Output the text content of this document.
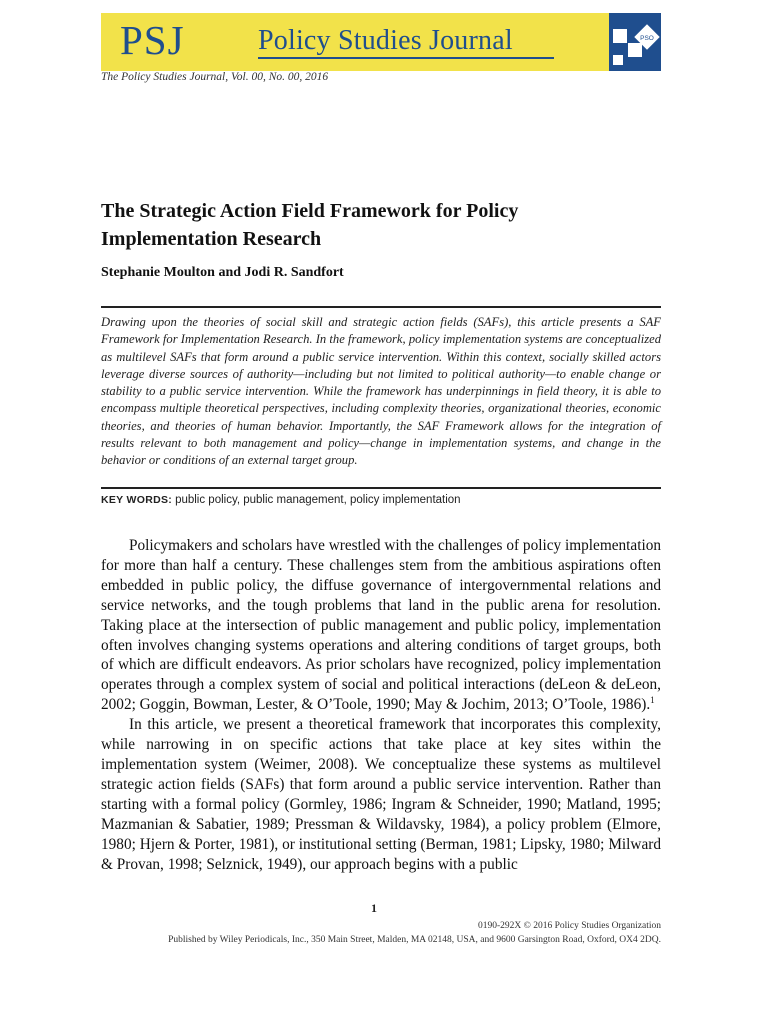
PSJ	Policy Studies Journal	PSO
The Policy Studies Journal, Vol. 00, No. 00, 2016
The Strategic Action Field Framework for Policy Implementation Research
Stephanie Moulton and Jodi R. Sandfort
Drawing upon the theories of social skill and strategic action fields (SAFs), this article presents a SAF Framework for Implementation Research. In the framework, policy implementation systems are conceptualized as multilevel SAFs that form around a public service intervention. Within this context, socially skilled actors leverage diverse sources of authority—including but not limited to political authority—to enable change or stability to a public service intervention. While the framework has underpinnings in field theory, it is able to encompass multiple theoretical perspectives, including complexity theories, organizational theories, economic theories, and theories of human behavior. Importantly, the SAF Framework allows for the integration of results relevant to both management and policy—change in implementation systems, and change in the behavior or conditions of an external target group.
KEY WORDS: public policy, public management, policy implementation

Policymakers and scholars have wrestled with the challenges of policy implementation for more than half a century. These challenges stem from the ambitious aspirations often embedded in public policy, the diffuse governance of intergovernmental relations and service networks, and the tough problems that land in the public arena for resolution. Taking place at the intersection of public management and public policy, implementation often involves changing systems operations and altering conditions of target groups, both of which are difficult endeavors. As prior scholars have recognized, policy implementation operates through a complex system of social and political interactions (deLeon & deLeon, 2002; Goggin, Bowman, Lester, & O’Toole, 1990; May & Jochim, 2013; O’Toole, 1986).$^1$

In this article, we present a theoretical framework that incorporates this complexity, while narrowing in on specific actions that take place at key sites within the implementation system (Weimer, 2008). We conceptualize these systems as multilevel strategic action fields (SAFs) that form around a public service intervention. Rather than starting with a formal policy (Gormley, 1986; Ingram & Schneider, 1990; Matland, 1995; Mazmanian & Sabatier, 1989; Pressman & Wildavsky, 1984), a policy problem (Elmore, 1980; Hjern & Porter, 1981), or institutional setting (Berman, 1981; Lipsky, 1980; Milward & Provan, 1998; Selznick, 1949), our approach begins with a public

1
0190-292X © 2016 Policy Studies Organization
Published by Wiley Periodicals, Inc., 350 Main Street, Malden, MA 02148, USA, and 9600 Garsington Road, Oxford, OX4 2DQ.
